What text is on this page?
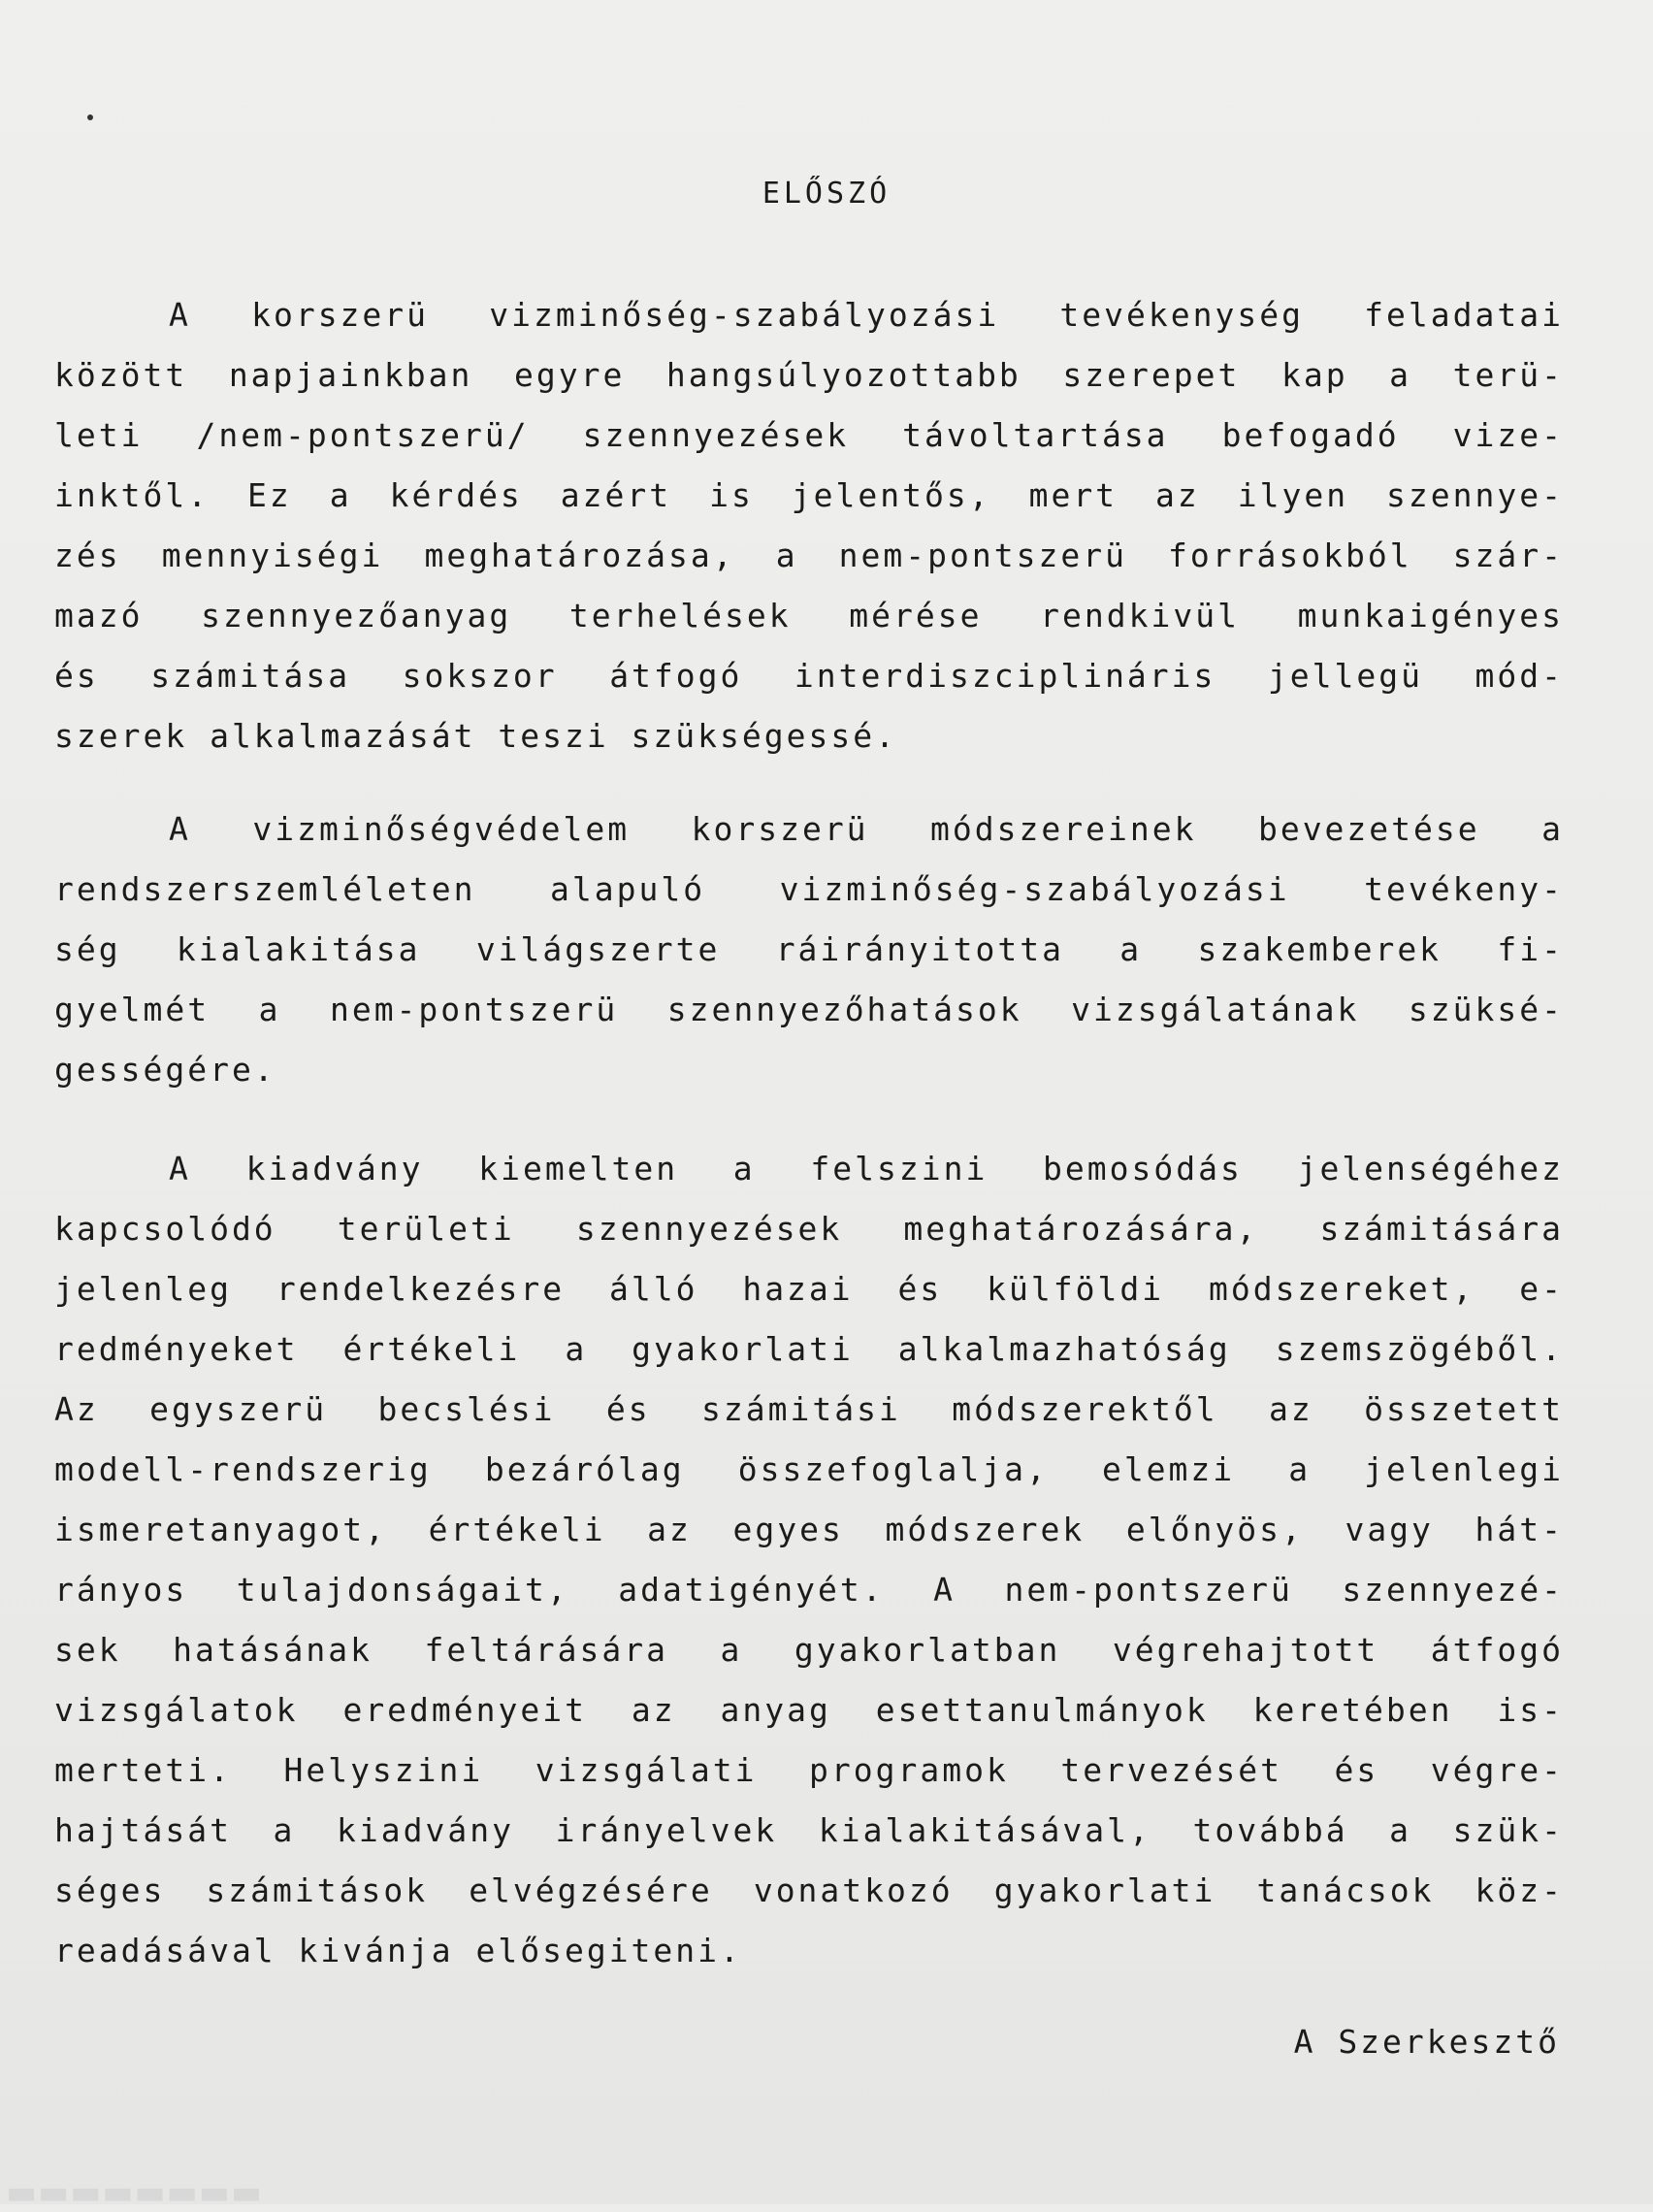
ELŐSZÓ
A korszerü vizminőség-szabályozási tevékenység feladatai
között napjainkban egyre hangsúlyozottabb szerepet kap a terü-
leti /nem-pontszerü/ szennyezések távoltartása befogadó vize-
inktől. Ez a kérdés azért is jelentős, mert az ilyen szennye-
zés mennyiségi meghatározása, a nem-pontszerü forrásokból szár-
mazó szennyezőanyag terhelések mérése rendkivül munkaigényes
és számitása sokszor átfogó interdiszciplináris jellegü mód-
szerek alkalmazását teszi szükségessé.
A vizminőségvédelem korszerü módszereinek bevezetése a
rendszerszemléleten alapuló vizminőség-szabályozási tevékeny-
ség kialakitása világszerte ráirányitotta a szakemberek fi-
gyelmét a nem-pontszerü szennyezőhatások vizsgálatának szüksé-
gességére.
A kiadvány kiemelten a felszini bemosódás jelenségéhez
kapcsolódó területi szennyezések meghatározására, számitására
jelenleg rendelkezésre álló hazai és külföldi módszereket, e-
redményeket értékeli a gyakorlati alkalmazhatóság szemszögéből.
Az egyszerü becslési és számitási módszerektől az összetett
modell-rendszerig bezárólag összefoglalja, elemzi a jelenlegi
ismeretanyagot, értékeli az egyes módszerek előnyös, vagy hát-
rányos tulajdonságait, adatigényét. A nem-pontszerü szennyezé-
sek hatásának feltárására a gyakorlatban végrehajtott átfogó
vizsgálatok eredményeit az anyag esettanulmányok keretében is-
merteti. Helyszini vizsgálati programok tervezését és végre-
hajtását a kiadvány irányelvek kialakitásával, továbbá a szük-
séges számitások elvégzésére vonatkozó gyakorlati tanácsok köz-
readásával kivánja elősegiteni.

A Szerkesztő

▬▬▬▬▬▬▬▬
